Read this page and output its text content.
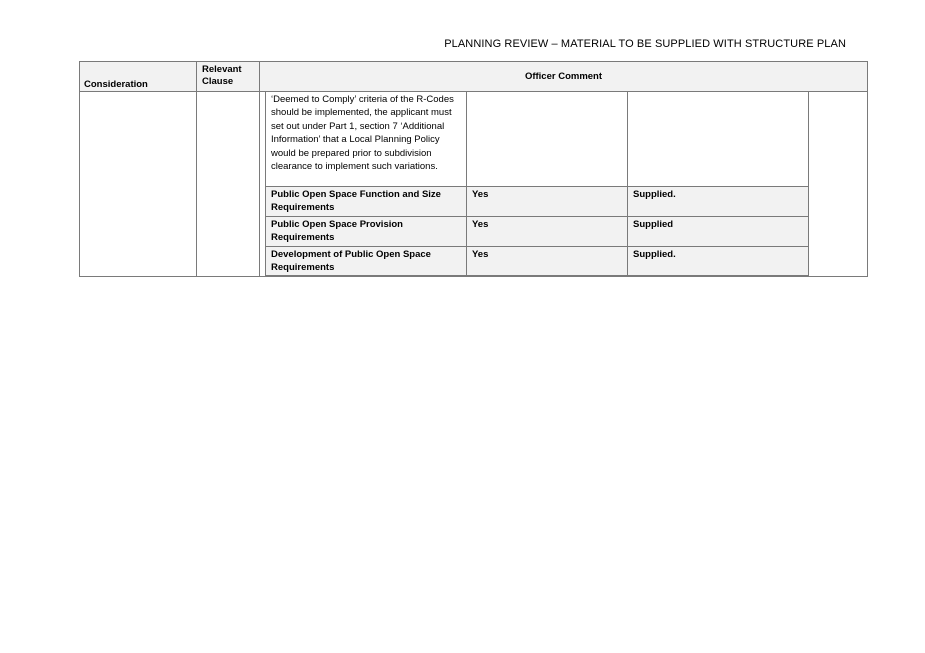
PLANNING REVIEW – MATERIAL TO BE SUPPLIED WITH STRUCTURE PLAN
Consideration	Relevant Clause	Officer Comment

‘Deemed to Comply’ criteria of the R-Codes should be implemented, the applicant must set out under Part 1, section 7 ‘Additional Information’ that a Local Planning Policy would be prepared prior to subdivision clearance to implement such variations.		
Public Open Space Function and Size Requirements	Yes	Supplied.
Public Open Space Provision Requirements	Yes	Supplied
Development of Public Open Space Requirements	Yes	Supplied.
